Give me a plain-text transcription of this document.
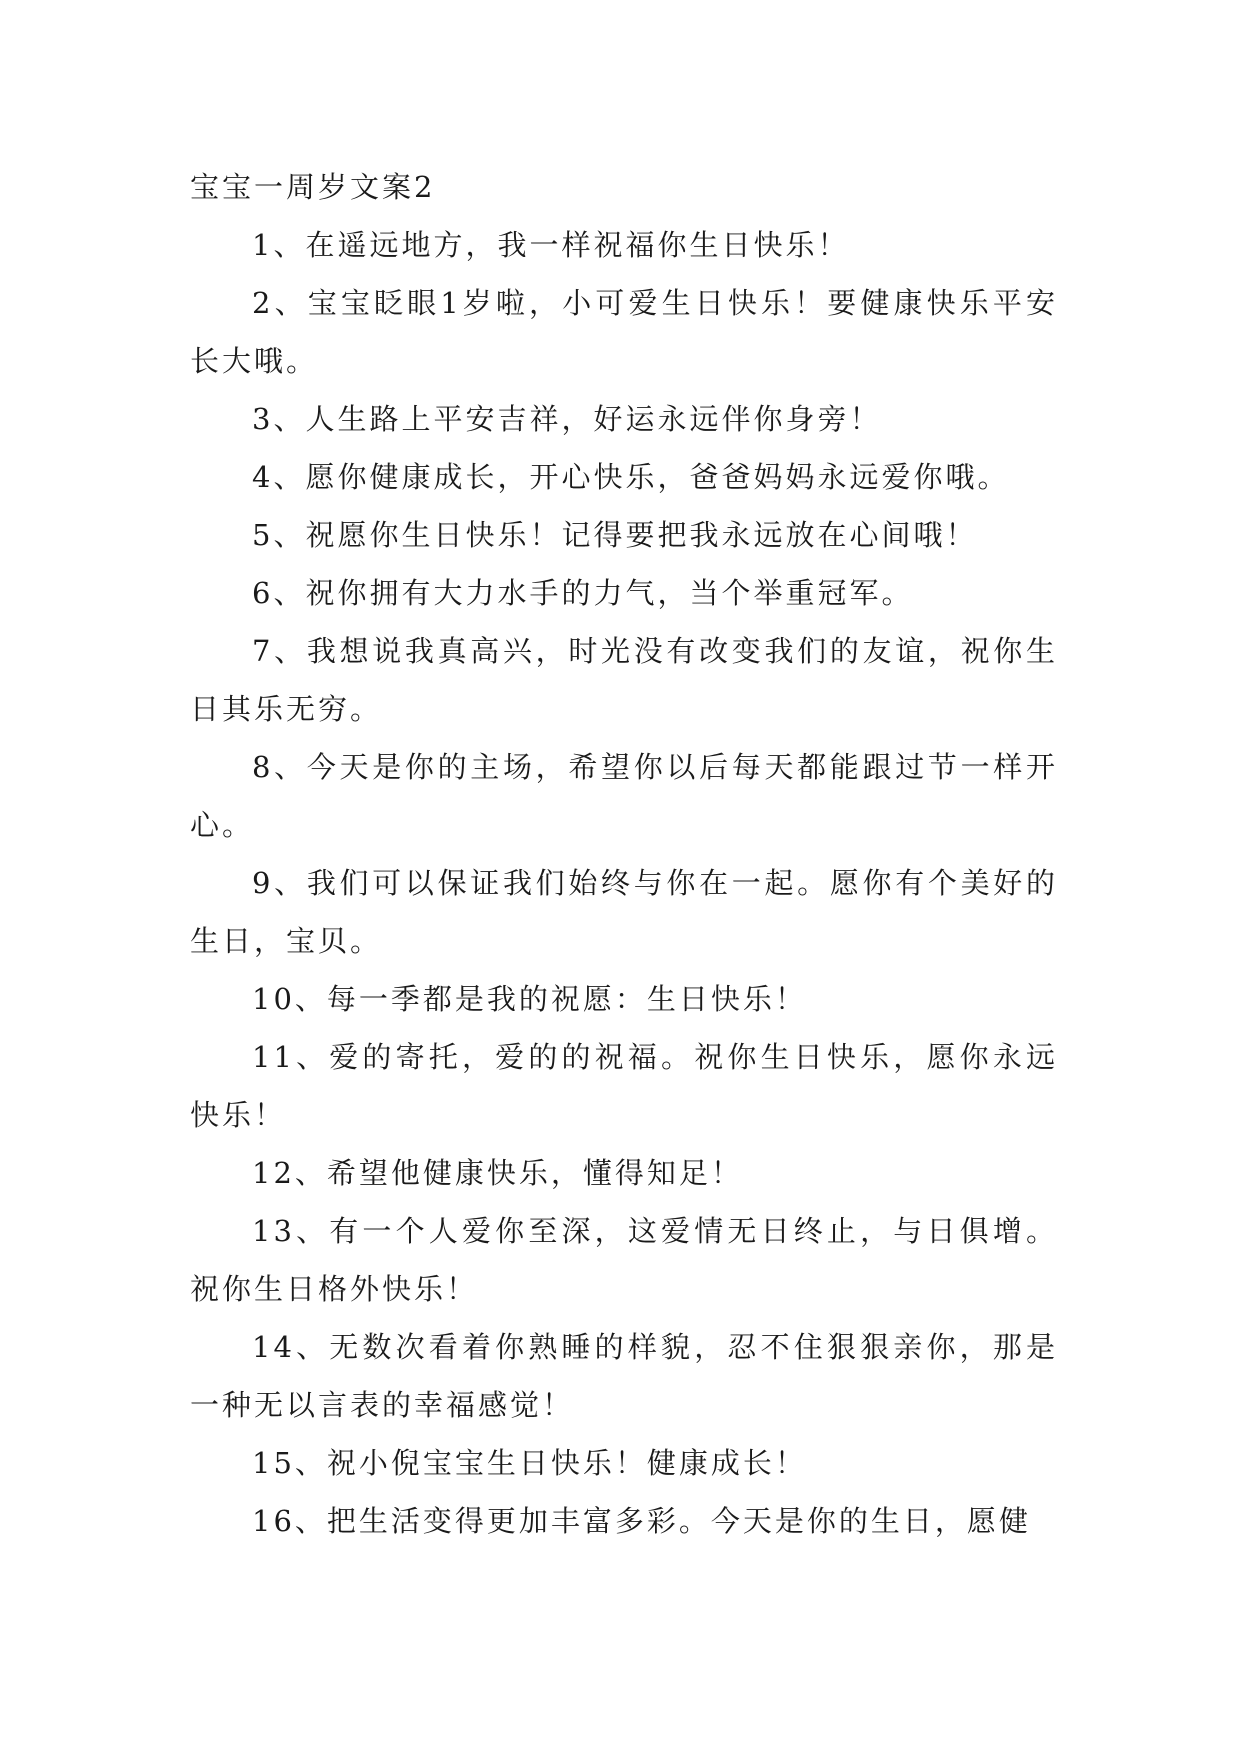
宝宝一周岁文案2

1、在遥远地方，我一样祝福你生日快乐！

2、宝宝眨眼1岁啦，小可爱生日快乐！要健康快乐平安长大哦。

3、人生路上平安吉祥，好运永远伴你身旁！

4、愿你健康成长，开心快乐，爸爸妈妈永远爱你哦。

5、祝愿你生日快乐！记得要把我永远放在心间哦！

6、祝你拥有大力水手的力气，当个举重冠军。

7、我想说我真高兴，时光没有改变我们的友谊，祝你生日其乐无穷。

8、今天是你的主场，希望你以后每天都能跟过节一样开心。

9、我们可以保证我们始终与你在一起。愿你有个美好的生日，宝贝。

10、每一季都是我的祝愿：生日快乐！

11、爱的寄托，爱的的祝福。祝你生日快乐，愿你永远快乐！

12、希望他健康快乐，懂得知足！

13、有一个人爱你至深，这爱情无日终止，与日俱增。祝你生日格外快乐！

14、无数次看着你熟睡的样貌，忍不住狠狠亲你，那是一种无以言表的幸福感觉！

15、祝小倪宝宝生日快乐！健康成长！

16、把生活变得更加丰富多彩。今天是你的生日，愿健
